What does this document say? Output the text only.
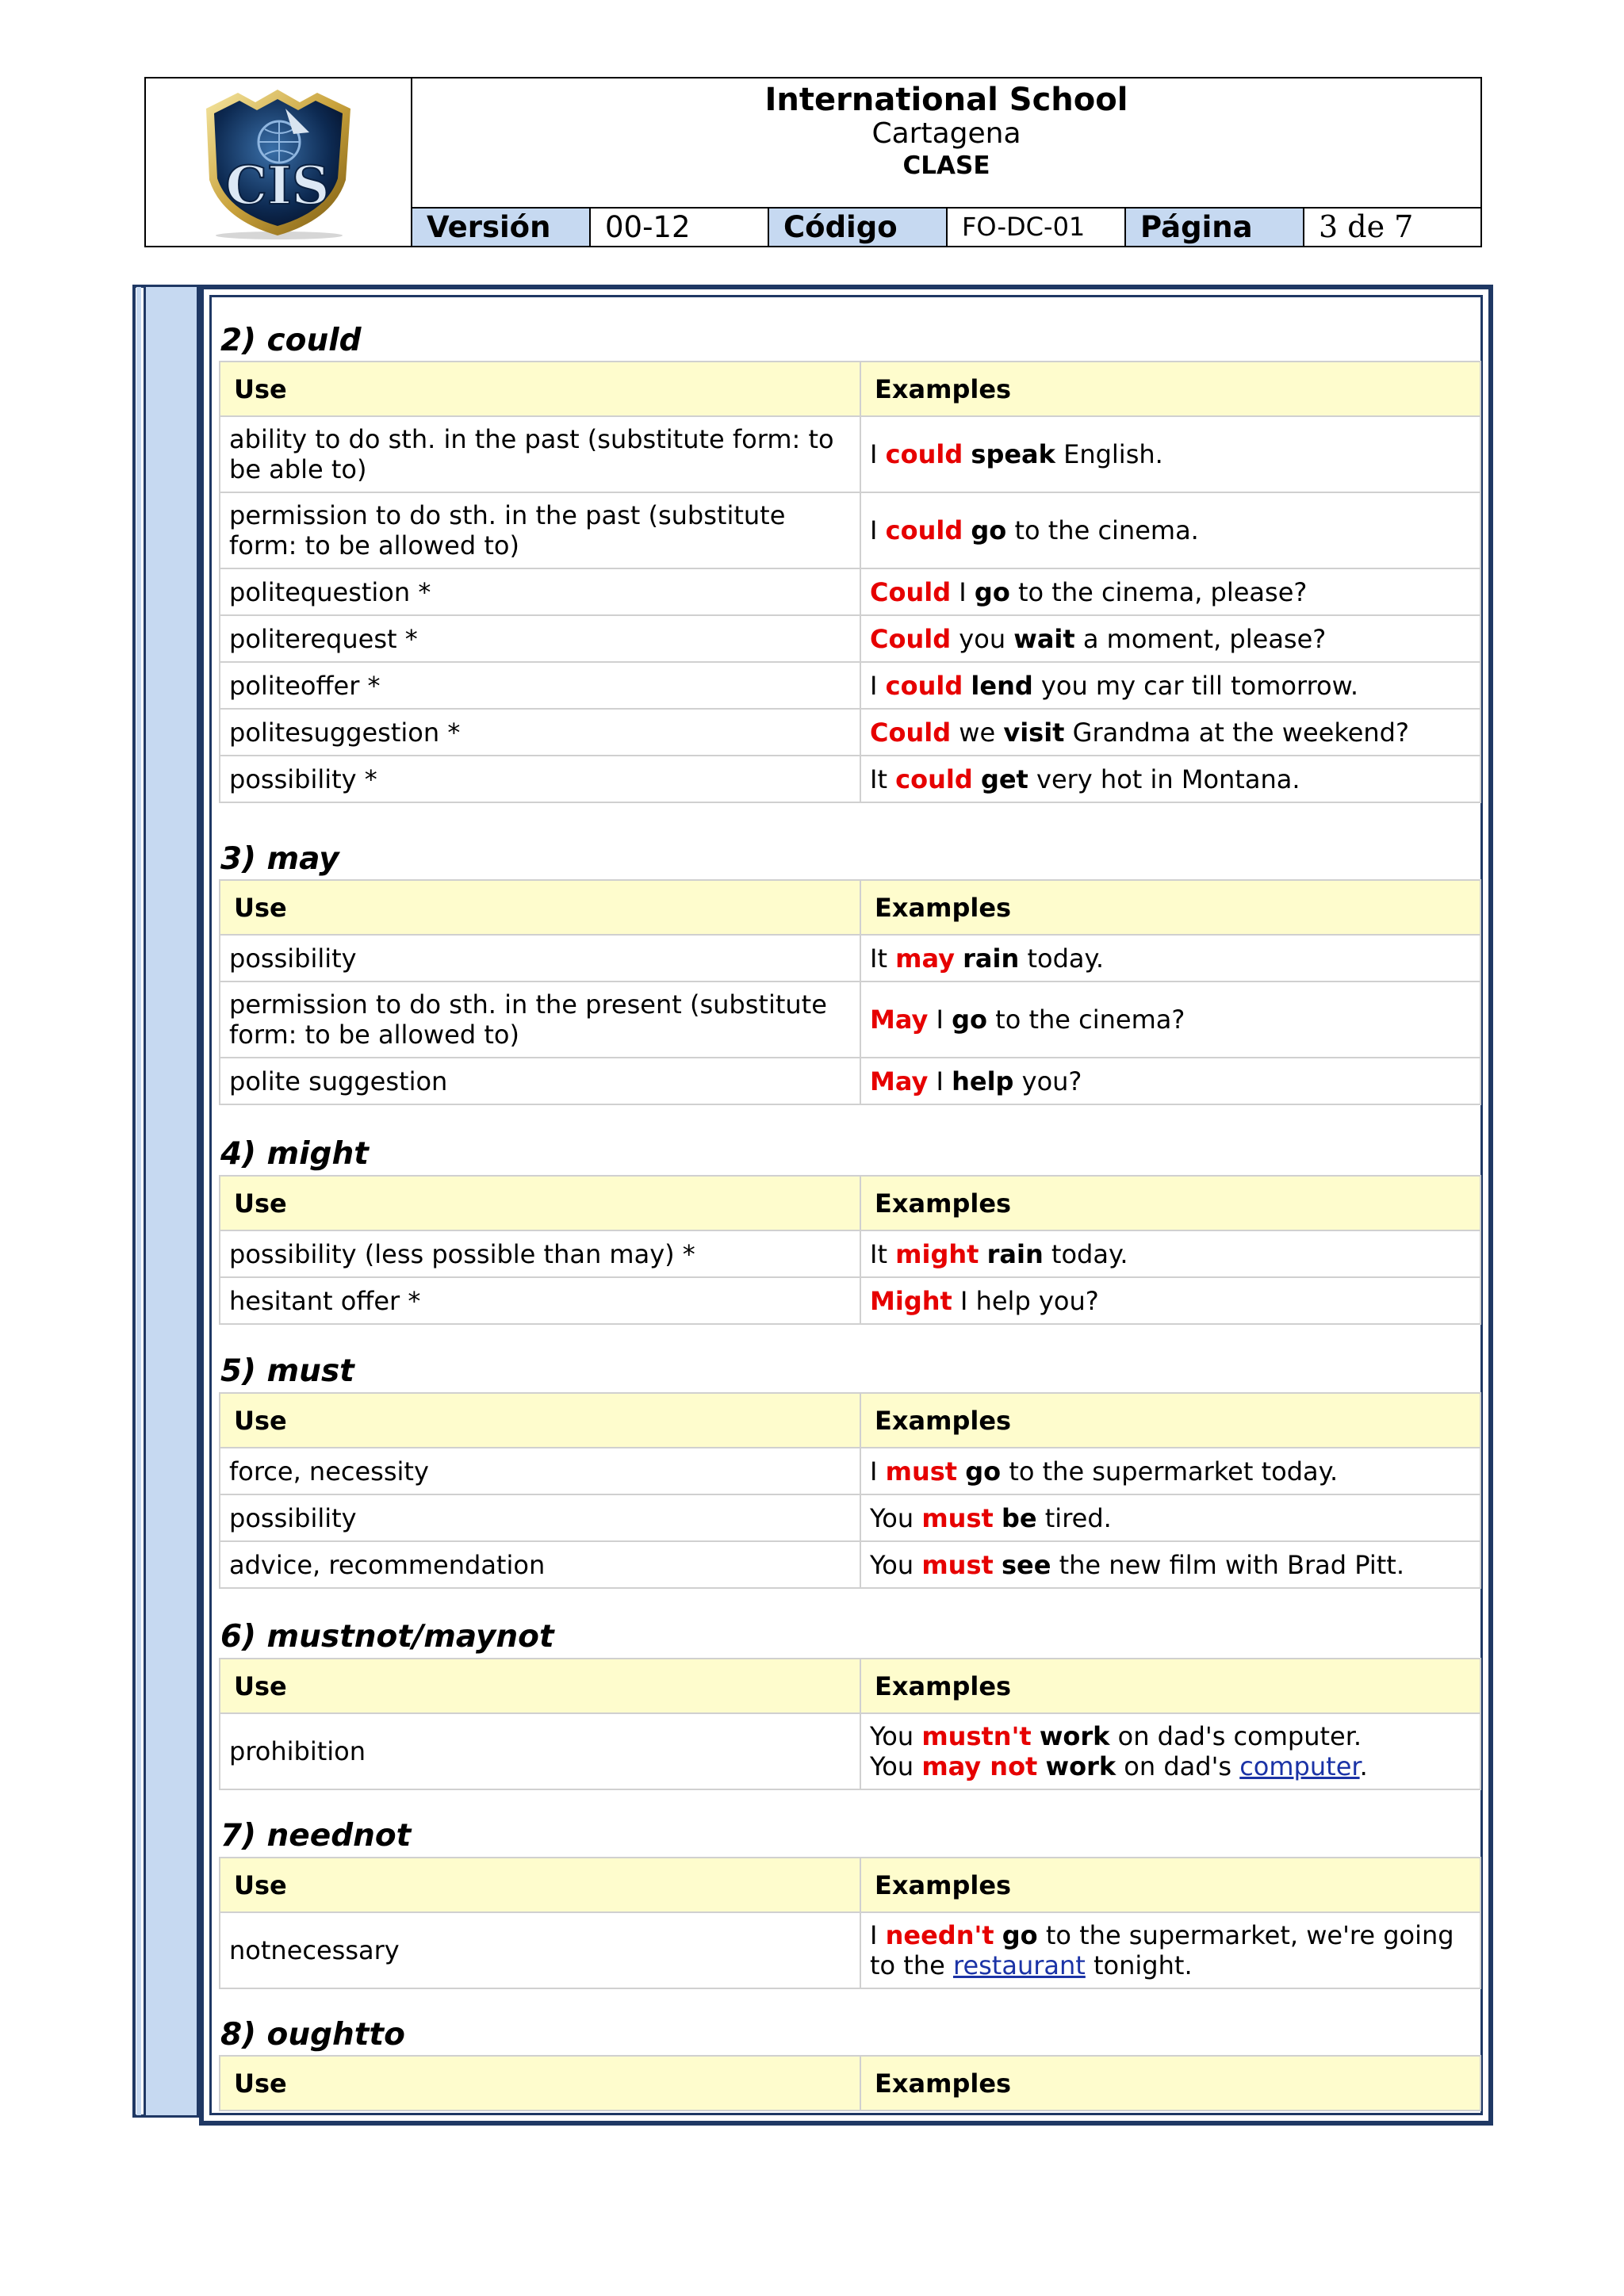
CIS
International School
Cartagena
CLASE
Versión	00-12	Código	FO-DC-01	Página	3 de 7
2) could
Use	Examples
ability to do sth. in the past (substitute form: to be able to)	I could speak English.
permission to do sth. in the past (substitute form: to be allowed to)	I could go to the cinema.
politequestion *	Could I go to the cinema, please?
politerequest *	Could you wait a moment, please?
politeoffer *	I could lend you my car till tomorrow.
politesuggestion *	Could we visit Grandma at the weekend?
possibility *	It could get very hot in Montana.
3) may
Use	Examples
possibility	It may rain today.
permission to do sth. in the present (substitute form: to be allowed to)	May I go to the cinema?
polite suggestion	May I help you?
4) might
Use	Examples
possibility (less possible than may) *	It might rain today.
hesitant offer *	Might I help you?
5) must
Use	Examples
force, necessity	I must go to the supermarket today.
possibility	You must be tired.
advice, recommendation	You must see the new film with Brad Pitt.
6) mustnot/maynot
Use	Examples
prohibition	You mustn't work on dad's computer.
You may not work on dad's computer.
7) neednot
Use	Examples
notnecessary	I needn't go to the supermarket, we're going to the restaurant tonight.
8) oughtto
Use	Examples
